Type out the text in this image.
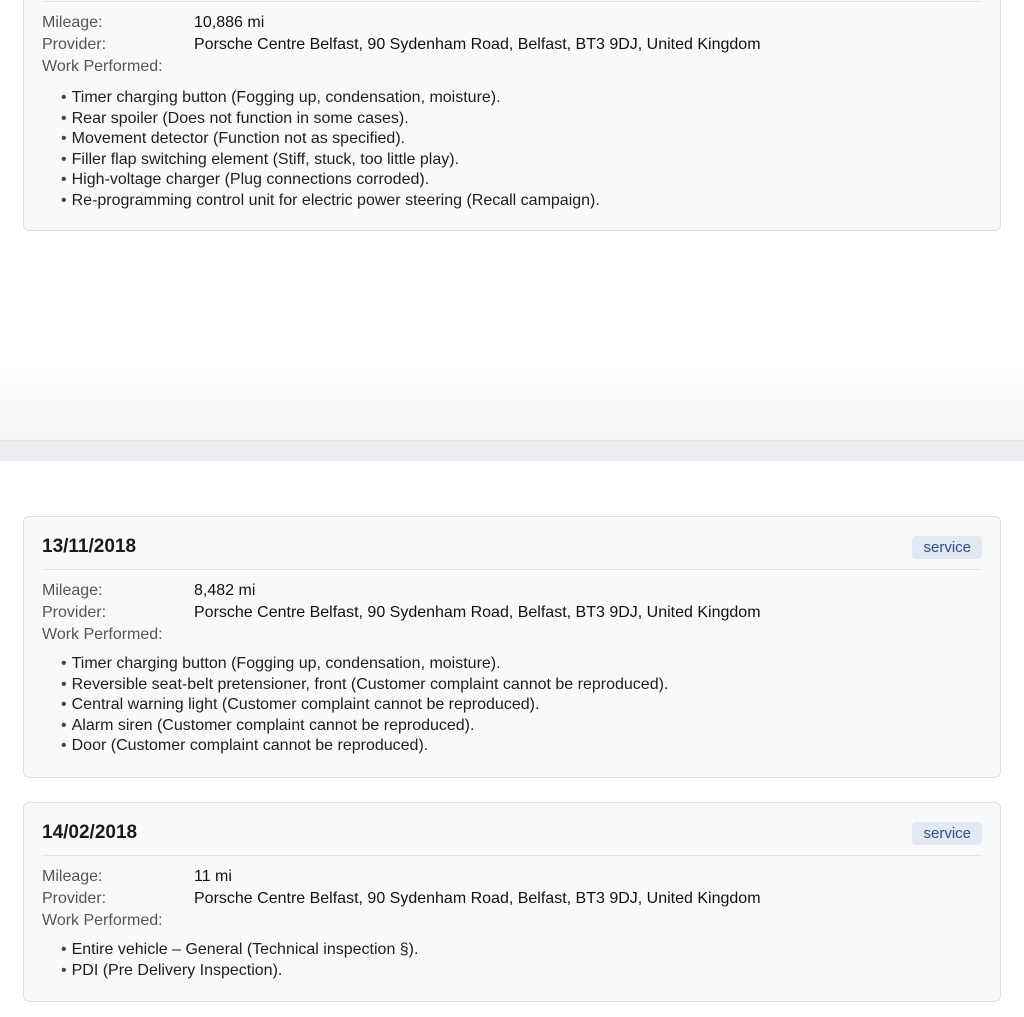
Mileage:	10,886 mi
Provider:	Porsche Centre Belfast, 90 Sydenham Road, Belfast, BT3 9DJ, United Kingdom
Work Performed:
• Timer charging button (Fogging up, condensation, moisture).
• Rear spoiler (Does not function in some cases).
• Movement detector (Function not as specified).
• Filler flap switching element (Stiff, stuck, too little play).
• High-voltage charger (Plug connections corroded).
• Re-programming control unit for electric power steering (Recall campaign).
13/11/2018	service
Mileage:	8,482 mi
Provider:	Porsche Centre Belfast, 90 Sydenham Road, Belfast, BT3 9DJ, United Kingdom
Work Performed:
• Timer charging button (Fogging up, condensation, moisture).
• Reversible seat-belt pretensioner, front (Customer complaint cannot be reproduced).
• Central warning light (Customer complaint cannot be reproduced).
• Alarm siren (Customer complaint cannot be reproduced).
• Door (Customer complaint cannot be reproduced).
14/02/2018	service
Mileage:	11 mi
Provider:	Porsche Centre Belfast, 90 Sydenham Road, Belfast, BT3 9DJ, United Kingdom
Work Performed:
• Entire vehicle – General (Technical inspection §).
• PDI (Pre Delivery Inspection).
